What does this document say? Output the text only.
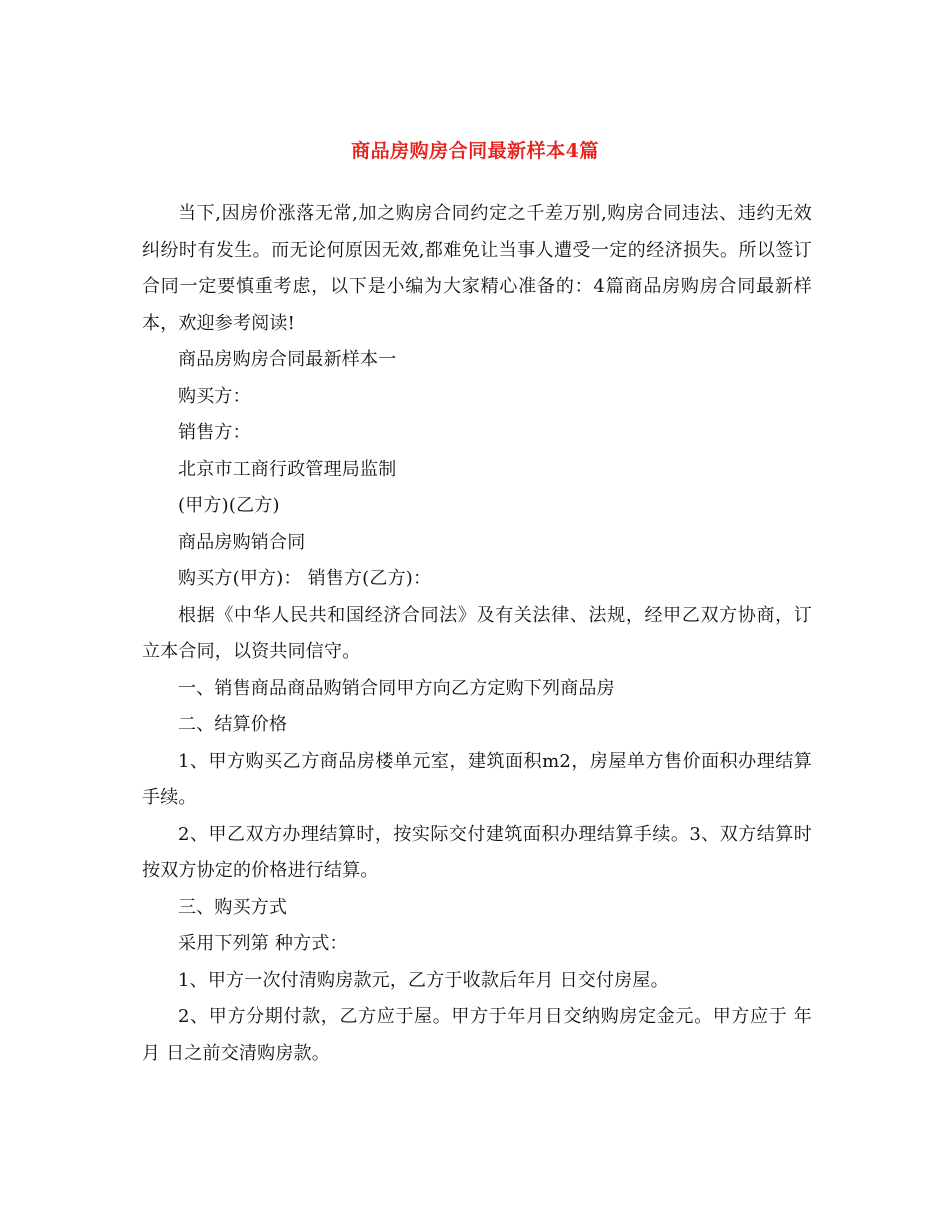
商品房购房合同最新样本4篇

当下,因房价涨落无常,加之购房合同约定之千差万别,购房合同违法、违约无效纠纷时有发生。而无论何原因无效,都难免让当事人遭受一定的经济损失。所以签订合同一定要慎重考虑，以下是小编为大家精心准备的：4篇商品房购房合同最新样本，欢迎参考阅读!

商品房购房合同最新样本一

购买方：

销售方：

北京市工商行政管理局监制

(甲方)(乙方)

商品房购销合同

购买方(甲方)： 销售方(乙方)：

根据《中华人民共和国经济合同法》及有关法律、法规，经甲乙双方协商，订立本合同，以资共同信守。

一、销售商品商品购销合同甲方向乙方定购下列商品房

二、结算价格

1、甲方购买乙方商品房楼单元室，建筑面积m2，房屋单方售价面积办理结算手续。

2、甲乙双方办理结算时，按实际交付建筑面积办理结算手续。3、双方结算时按双方协定的价格进行结算。

三、购买方式

采用下列第 种方式：

1、甲方一次付清购房款元，乙方于收款后年月 日交付房屋。

2、甲方分期付款，乙方应于屋。甲方于年月日交纳购房定金元。甲方应于 年 月 日之前交清购房款。
